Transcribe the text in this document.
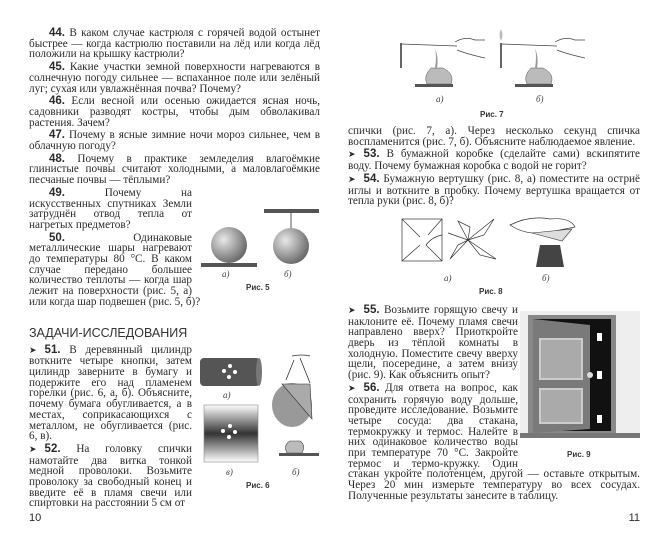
44. В каком случае кастрюля с горячей водой остынет быстрее — когда кастрюлю поставили на лёд или когда лёд положили на крышку кастрюли?

45. Какие участки земной поверхности нагреваются в солнечную погоду сильнее — вспаханное поле или зелёный луг; сухая или увлажнённая почва? Почему?

46. Если весной или осенью ожидается ясная ночь, садовники разводят костры, чтобы дым обволакивал растения. Зачем?

47. Почему в ясные зимние ночи мороз сильнее, чем в облачную погоду?

48. Почему в практике земледелия влагоёмкие глинистые почвы считают холодными, а маловлагоёмкие песчаные почвы — тёплыми?

а)	б)
Рис. 5

49.	Почему на искусственных спутниках Земли затруднён отвод тепла от нагретых предметов?

50.	Одинаковые металлические шары нагревают до температуры 80 °C. В каком случае передано большее количество теплоты — когда шар лежит на поверхности (рис. 5, а) или когда шар подвешен (рис. 5, б)?

ЗАДАЧИ-ИССЛЕДОВАНИЯ
а)
в)	б)
Рис. 6

➤ 51. В деревянный цилиндр воткните четыре кнопки, затем цилиндр заверните в бумагу и подержите его над пламенем горелки (рис. 6, а, б). Объясните, почему бумага обугливается, а в местах, соприкасающихся с металлом, не обугливается (рис. 6, в).

➤ 52. На головку спички намотайте два витка тонкой медной проволоки. Возьмите проволоку за свободный конец и введите её в пламя свечи или спиртовки на расстоянии 5 см от

10
а)	б)
Рис. 7

спички (рис. 7, а). Через несколько секунд спичка воспламенится (рис. 7, б). Объясните наблюдаемое явление.

➤ 53. В бумажной коробке (сделайте сами) вскипятите воду. Почему бумажная коробка с водой не горит?

➤ 54. Бумажную вертушку (рис. 8, а) поместите на остриё иглы и воткните в пробку. Почему вертушка вращается от тепла руки (рис. 8, б)?

а)	б)
Рис. 8
Рис. 9

➤ 55. Возьмите горящую свечу и наклоните её. Почему пламя свечи направлено вверх? Приоткройте дверь из тёплой комнаты в холодную. Поместите свечу вверху щели, посередине, а затем внизу (рис. 9). Как объяснить опыт?

➤ 56. Для ответа на вопрос, как сохранить горячую воду дольше, проведите исследование. Возьмите четыре сосуда: два стакана, термокружку и термос. Налейте в них одинаковое количество воды при температуре 70 °C. Закройте термос и термо-кружку. Один стакан укройте полотенцем, другой — оставьте открытым. Через 20 мин измерьте температуру во всех сосудах. Полученные результаты занесите в таблицу.

11
